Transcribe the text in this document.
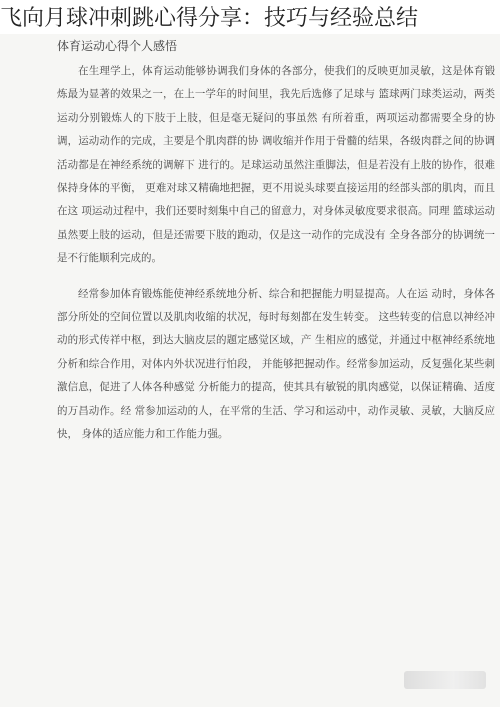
飞向月球冲刺跳心得分享：技巧与经验总结
体育运动心得个人感悟

在生理学上，体育运动能够协调我们身体的各部分，使我们的反映更加灵敏，这是体育锻炼最为显著的效果之一，在上一学年的时间里，我先后选修了足球与 篮球两门球类运动，两类运动分别锻炼人的下肢于上肢，但是毫无疑问的事虽然 有所着重，两项运动都需要全身的协调，运动动作的完成，主要是个肌肉群的协 调收缩并作用于骨髓的结果，各级肉群之间的协调活动都是在神经系统的调解下 进行的。足球运动虽然注重脚法，但是若没有上肢的协作，很难保持身体的平衡， 更难对球又精确地把握，更不用说头球要直接运用的经部头部的肌肉，而且在这 项运动过程中，我们还要时刻集中自己的留意力，对身体灵敏度要求很高。同理 篮球运动虽然要上肢的运动，但是还需要下肢的跑动，仅是这一动作的完成没有 全身各部分的协调统一是不行能顺利完成的。

经常参加体育锻炼能使神经系统地分析、综合和把握能力明显提高。人在运 动时，身体各部分所处的空间位置以及肌肉收缩的状况，每时每刻都在发生转变。 这些转变的信息以神经冲动的形式传祥中枢，到达大脑皮层的题定感觉区域，产 生相应的感觉，并通过中枢神经系统地分析和综合作用，对体内外状况进行怕段， 并能够把握动作。经常参加运动，反复强化某些刺激信息，促进了人体各种感觉 分析能力的提高，使其具有敏锐的肌肉感觉，以保证精确、适度的万昌动作。经 常参加运动的人，在平常的生活、学习和运动中，动作灵敏、灵敏，大脑反应快， 身体的适应能力和工作能力强。
